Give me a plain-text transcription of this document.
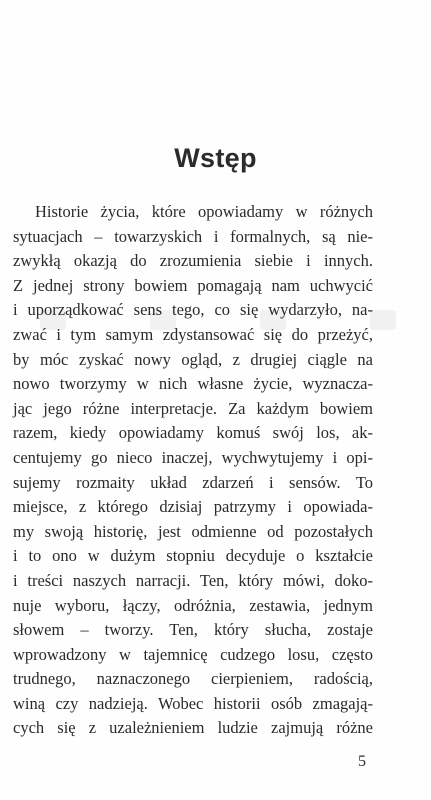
Wstęp
Historie życia, które opowiadamy w różnych
sytuacjach – towarzyskich i formalnych, są nie-
zwykłą okazją do zrozumienia siebie i innych.
Z jednej strony bowiem pomagają nam uchwycić
i uporządkować sens tego, co się wydarzyło, na-
zwać i tym samym zdystansować się do przeżyć,
by móc zyskać nowy ogląd, z drugiej ciągle na
nowo tworzymy w nich własne życie, wyznacza-
jąc jego różne interpretacje. Za każdym bowiem
razem, kiedy opowiadamy komuś swój los, ak-
centujemy go nieco inaczej, wychwytujemy i opi-
sujemy rozmaity układ zdarzeń i sensów. To
miejsce, z którego dzisiaj patrzymy i opowiada-
my swoją historię, jest odmienne od pozostałych
i to ono w dużym stopniu decyduje o kształcie
i treści naszych narracji. Ten, który mówi, doko-
nuje wyboru, łączy, odróżnia, zestawia, jednym
słowem – tworzy. Ten, który słucha, zostaje
wprowadzony w tajemnicę cudzego losu, często
trudnego, naznaczonego cierpieniem, radością,
winą czy nadzieją. Wobec historii osób zmagają-
cych się z uzależnieniem ludzie zajmują różne
5
